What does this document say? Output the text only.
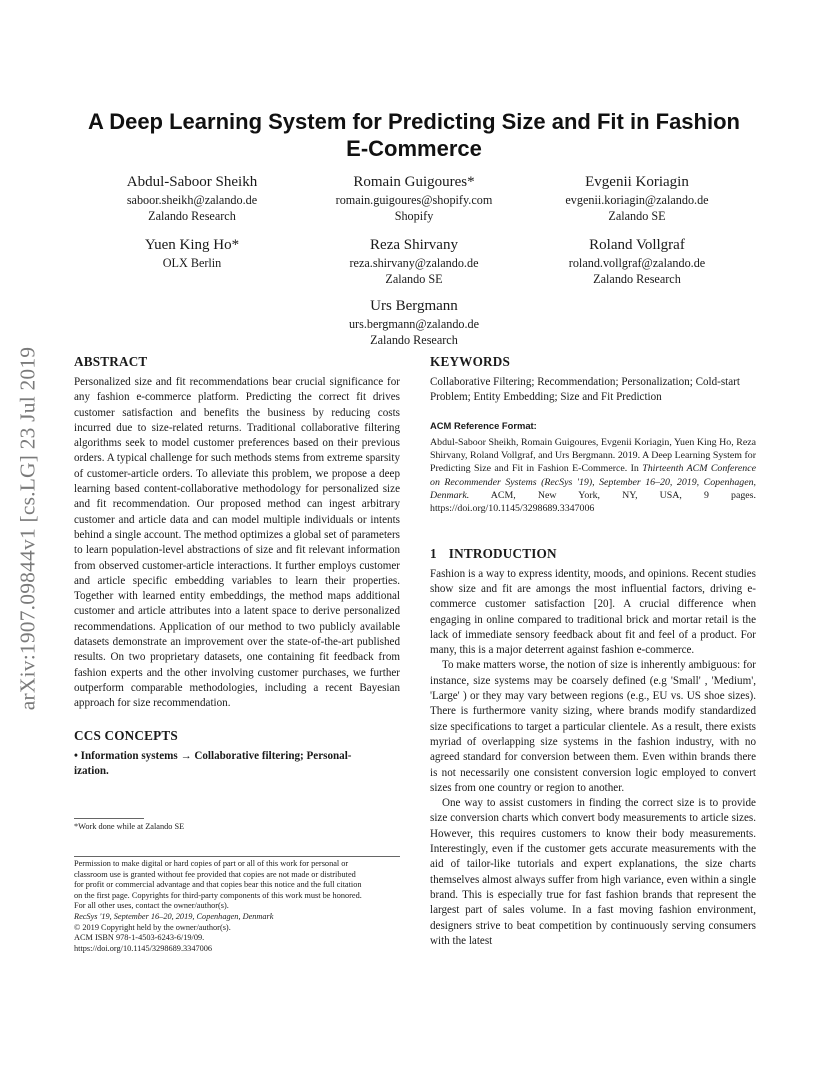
arXiv:1907.09844v1 [cs.LG] 23 Jul 2019
A Deep Learning System for Predicting Size and Fit in Fashion
E-Commerce
Abdul-Saboor Sheikh
saboor.sheikh@zalando.de
Zalando Research
Romain Guigoures*
romain.guigoures@shopify.com
Shopify
Evgenii Koriagin
evgenii.koriagin@zalando.de
Zalando SE
Yuen King Ho*
OLX Berlin
Reza Shirvany
reza.shirvany@zalando.de
Zalando SE
Roland Vollgraf
roland.vollgraf@zalando.de
Zalando Research
Urs Bergmann
urs.bergmann@zalando.de
Zalando Research
ABSTRACT

Personalized size and fit recommendations bear crucial significance for any fashion e-commerce platform. Predicting the correct fit drives customer satisfaction and benefits the business by reducing costs incurred due to size-related returns. Traditional collaborative filtering algorithms seek to model customer preferences based on their previous orders. A typical challenge for such methods stems from extreme sparsity of customer-article orders. To alleviate this problem, we propose a deep learning based content-collaborative methodology for personalized size and fit recommendation. Our proposed method can ingest arbitrary customer and article data and can model multiple individuals or intents behind a single account. The method optimizes a global set of parameters to learn population-level abstractions of size and fit relevant information from observed customer-article interactions. It further employs customer and article specific embedding variables to learn their properties. Together with learned entity embeddings, the method maps additional customer and article attributes into a latent space to derive personalized recommendations. Application of our method to two publicly available datasets demonstrate an improvement over the state-of-the-art published results. On two proprietary datasets, one containing fit feedback from fashion experts and the other involving customer purchases, we further outperform comparable methodologies, including a recent Bayesian approach for size recommendation.

CCS CONCEPTS
• Information systems → Collaborative filtering; Personal-
ization.
*Work done while at Zalando SE
Permission to make digital or hard copies of part or all of this work for personal or
classroom use is granted without fee provided that copies are not made or distributed
for profit or commercial advantage and that copies bear this notice and the full citation
on the first page. Copyrights for third-party components of this work must be honored.
For all other uses, contact the owner/author(s).
RecSys '19, September 16–20, 2019, Copenhagen, Denmark
© 2019 Copyright held by the owner/author(s).
ACM ISBN 978-1-4503-6243-6/19/09.
https://doi.org/10.1145/3298689.3347006
KEYWORDS

Collaborative Filtering; Recommendation; Personalization; Cold-start Problem; Entity Embedding; Size and Fit Prediction

ACM Reference Format:

Abdul-Saboor Sheikh, Romain Guigoures, Evgenii Koriagin, Yuen King Ho, Reza Shirvany, Roland Vollgraf, and Urs Bergmann. 2019. A Deep Learning System for Predicting Size and Fit in Fashion E-Commerce. In Thirteenth ACM Conference on Recommender Systems (RecSys '19), September 16–20, 2019, Copenhagen, Denmark. ACM, New York, NY, USA, 9 pages. https://doi.org/10.1145/3298689.3347006

1 INTRODUCTION

Fashion is a way to express identity, moods, and opinions. Recent studies show size and fit are amongs the most influential factors, driving e-commerce customer satisfaction [20]. A crucial difference when engaging in online compared to traditional brick and mortar retail is the lack of immediate sensory feedback about fit and feel of a product. For many, this is a major deterrent against fashion e-commerce.

To make matters worse, the notion of size is inherently ambiguous: for instance, size systems may be coarsely defined (e.g 'Small' , 'Medium', 'Large' ) or they may vary between regions (e.g., EU vs. US shoe sizes). There is furthermore vanity sizing, where brands modify standardized size specifications to target a particular clientele. As a result, there exists myriad of overlapping size systems in the fashion industry, with no agreed standard for conversion between them. Even within brands there is not necessarily one consistent conversion logic employed to convert sizes from one country or region to another.

One way to assist customers in finding the correct size is to provide size conversion charts which convert body measurements to article sizes. However, this requires customers to know their body measurements. Interestingly, even if the customer gets accurate measurements with the aid of tailor-like tutorials and expert explanations, the size charts themselves almost always suffer from high variance, even within a single brand. This is especially true for fast fashion brands that represent the largest part of sales volume. In a fast moving fashion environment, designers strive to beat competition by continuously serving consumers with the latest
